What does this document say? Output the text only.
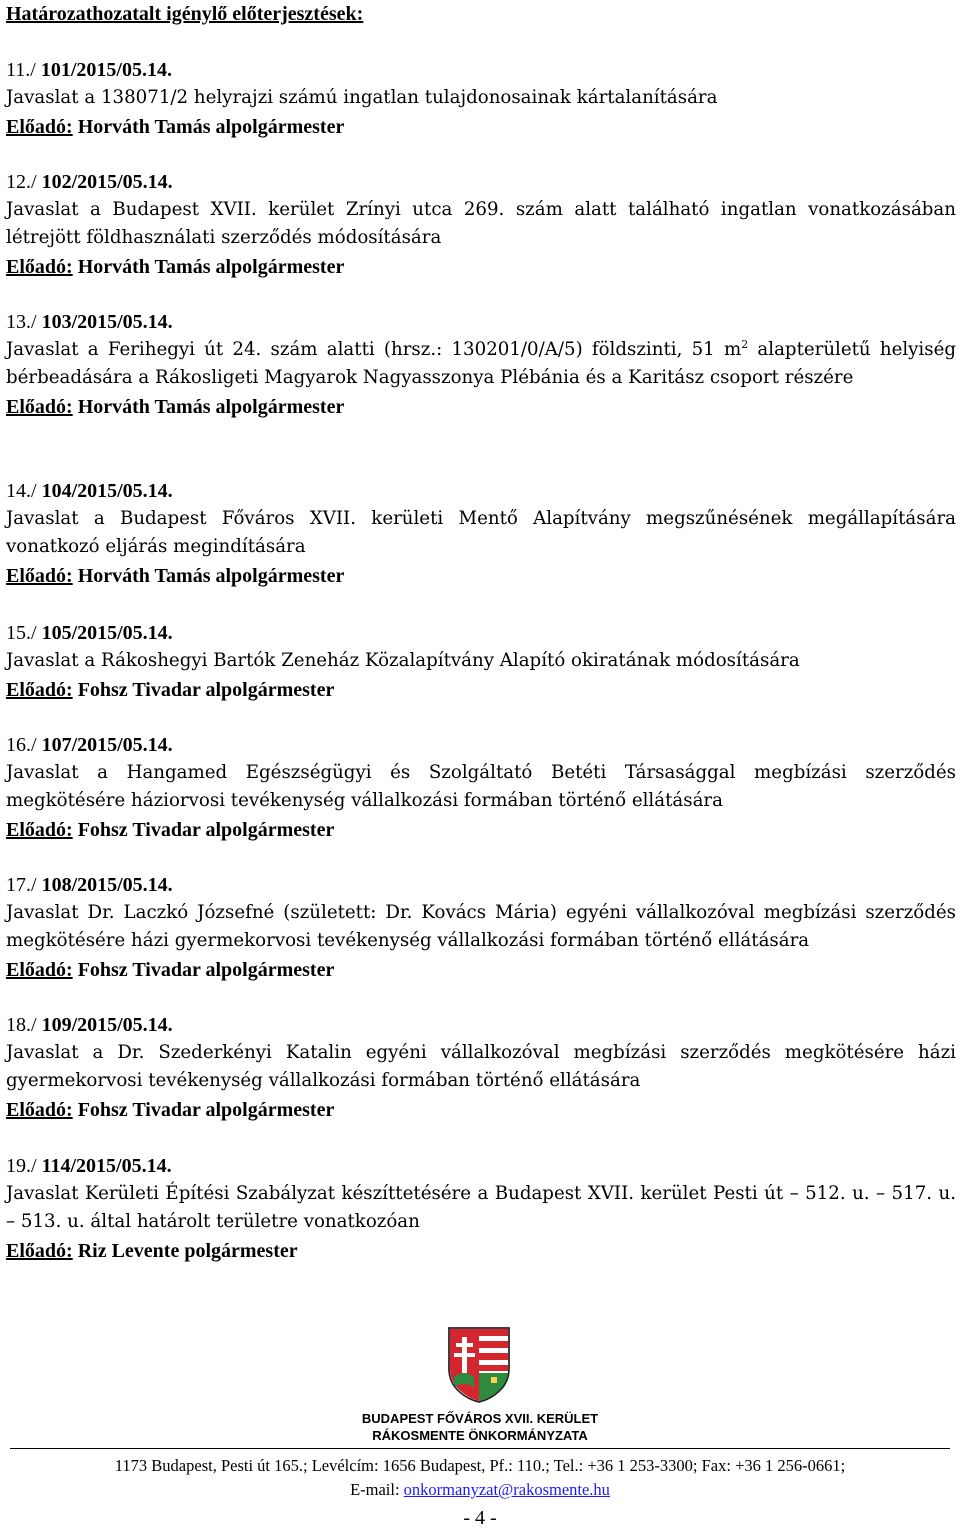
Határozathozatalt igénylő előterjesztések:
11./ 101/2015/05.14.
Javaslat a 138071/2 helyrajzi számú ingatlan tulajdonosainak kártalanítására
Előadó: Horváth Tamás alpolgármester
12./ 102/2015/05.14.
Javaslat a Budapest XVII. kerület Zrínyi utca 269. szám alatt található ingatlan vonatkozásában létrejött földhasználati szerződés módosítására
Előadó: Horváth Tamás alpolgármester
13./ 103/2015/05.14.
Javaslat a Ferihegyi út 24. szám alatti (hrsz.: 130201/0/A/5) földszinti, 51 $m^2$ alapterületű helyiség bérbeadására a Rákosligeti Magyarok Nagyasszonya Plébánia és a Karitász csoport részére
Előadó: Horváth Tamás alpolgármester
14./ 104/2015/05.14.
Javaslat a Budapest Főváros XVII. kerületi Mentő Alapítvány megszűnésének megállapítására vonatkozó eljárás megindítására
Előadó: Horváth Tamás alpolgármester
15./ 105/2015/05.14.
Javaslat a Rákoshegyi Bartók Zeneház Közalapítvány Alapító okiratának módosítására
Előadó: Fohsz Tivadar alpolgármester
16./ 107/2015/05.14.
Javaslat a Hangamed Egészségügyi és Szolgáltató Betéti Társasággal megbízási szerződés megkötésére háziorvosi tevékenység vállalkozási formában történő ellátására
Előadó: Fohsz Tivadar alpolgármester
17./ 108/2015/05.14.
Javaslat Dr. Laczkó Józsefné (született: Dr. Kovács Mária) egyéni vállalkozóval megbízási szerződés megkötésére házi gyermekorvosi tevékenység vállalkozási formában történő ellátására
Előadó: Fohsz Tivadar alpolgármester
18./ 109/2015/05.14.
Javaslat a Dr. Szederkényi Katalin egyéni vállalkozóval megbízási szerződés megkötésére házi gyermekorvosi tevékenység vállalkozási formában történő ellátására
Előadó: Fohsz Tivadar alpolgármester
19./ 114/2015/05.14.
Javaslat Kerületi Építési Szabályzat készíttetésére a Budapest XVII. kerület Pesti út – 512. u. – 517. u. – 513. u. által határolt területre vonatkozóan
Előadó: Riz Levente polgármester
BUDAPEST FŐVÁROS XVII. KERÜLET
RÁKOSMENTE ÖNKORMÁNYZATA
1173 Budapest, Pesti út 165.; Levélcím: 1656 Budapest, Pf.: 110.; Tel.: +36 1 253-3300; Fax: +36 1 256-0661;
E-mail: onkormanyzat@rakosmente.hu
- 4 -
